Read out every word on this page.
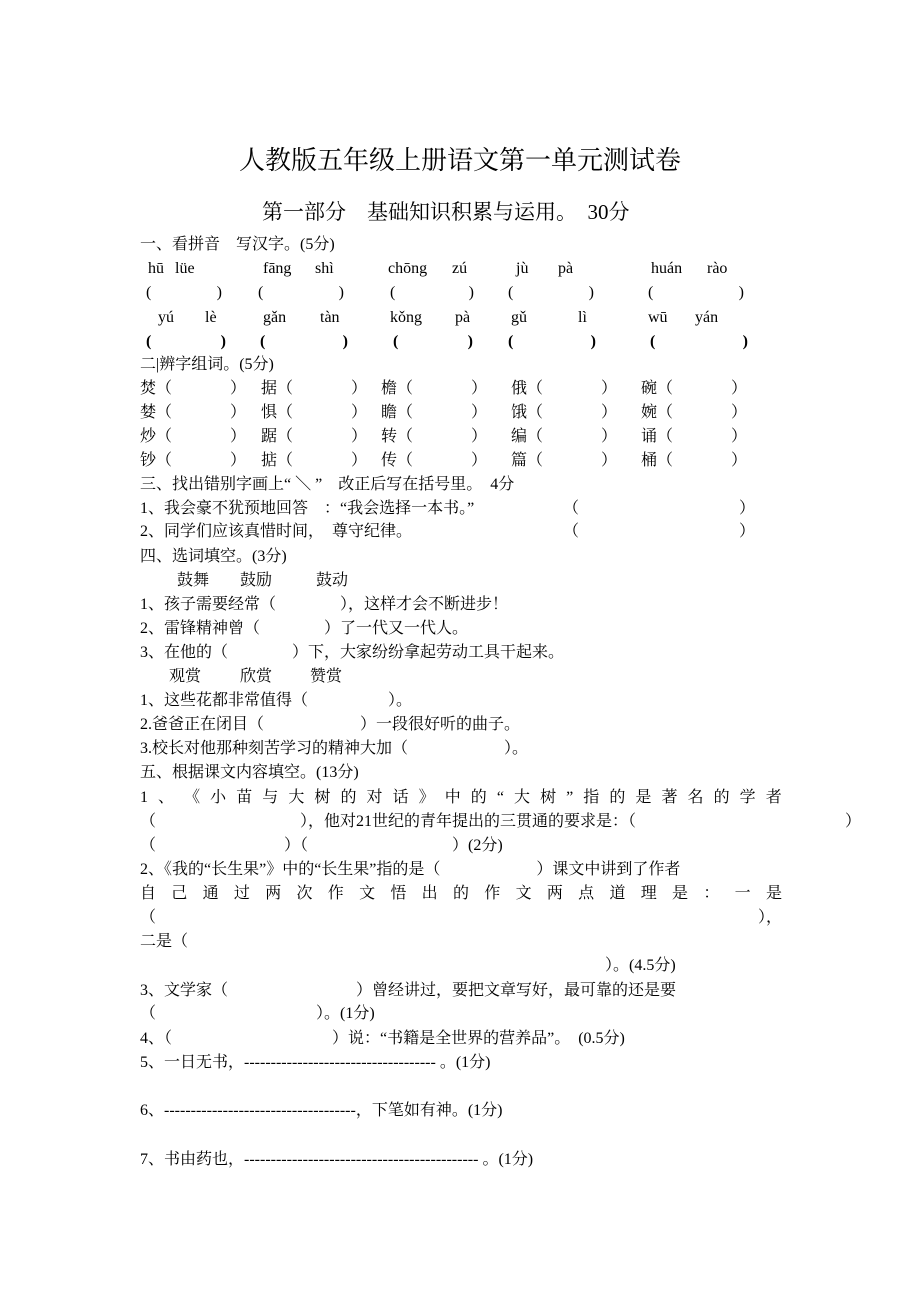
人教版五年级上册语文第一单元测试卷
第一部分　基础知识积累与运用。　30分
一、看拼音　写汉字。(5分)
hū lüe	fāng shì	chōng zú	jù pà	huán rào
(	) (	)	(	) (	)	(	)
yú lè	gǎn tàn	kǒng pà	gǔ	lì	wū yán
(	) (	)	(	) (	)	(	)
二|辨字组词。(5分)
焚（	） 据（	） 檐（	） 俄（	） 碗（	）
婪（	） 惧（	） 瞻（	） 饿（	） 婉（	）
炒（	） 踞（	） 转（	） 编（	） 诵（	）
钞（	） 掂（	） 传（	） 篇（	） 桶（	）
三、找出错别字画上“ ＼ ”　改正后写在括号里。　4分
1、我会豪不犹预地回答　：“我会选择一本书。”	（	）
2、同学们应该真惜时间，　尊守纪律。	（	）
四、选词填空。(3分)
鼓舞 鼓励	鼓动
1、孩子需要经常（　　　　），这样才会不断进步！
2、雷锋精神曾（　　　　）了一代又一代人。
3、在他的（　　　　）下，大家纷纷拿起劳动工具干起来。
观赏 欣赏 赞赏
1、这些花都非常值得（　　　　　）。
2.爸爸正在闭目（　　　　　　）一段很好听的曲子。
3.校长对他那种刻苦学习的精神大加（　　　　　　）。
五、根据课文内容填空。(13分)
1 、 《 小 苗 与 大 树 的 对 话 》 中 的 “ 大 树 ” 指 的 是 著 名 的 学 者
（　　　　　　　　　），他对21世纪的青年提出的三贯通的要求是：（	）
（　　　　　　　　）（　　　　　　　　　）(2分)
2、《我的“长生果”》中的“长生果”指的是（　　　　　　）课文中讲到了作者
自 己 通 过 两 次 作 文 悟 出 的 作 文 两 点 道 理 是 ： 一 是
（	），
二是（
）。(4.5分)
3、文学家（　　　　　　　　）曾经讲过，要把文章写好，最可靠的还是要
（　　　　　　　　　　）。(1分)
4、（　　　　　　　　　　）说：“书籍是全世界的营养品”。　(0.5分)
5、一日无书，------------------------------------ 。(1分)
6、------------------------------------，下笔如有神。(1分)
7、书由药也，-------------------------------------------- 。(1分)
